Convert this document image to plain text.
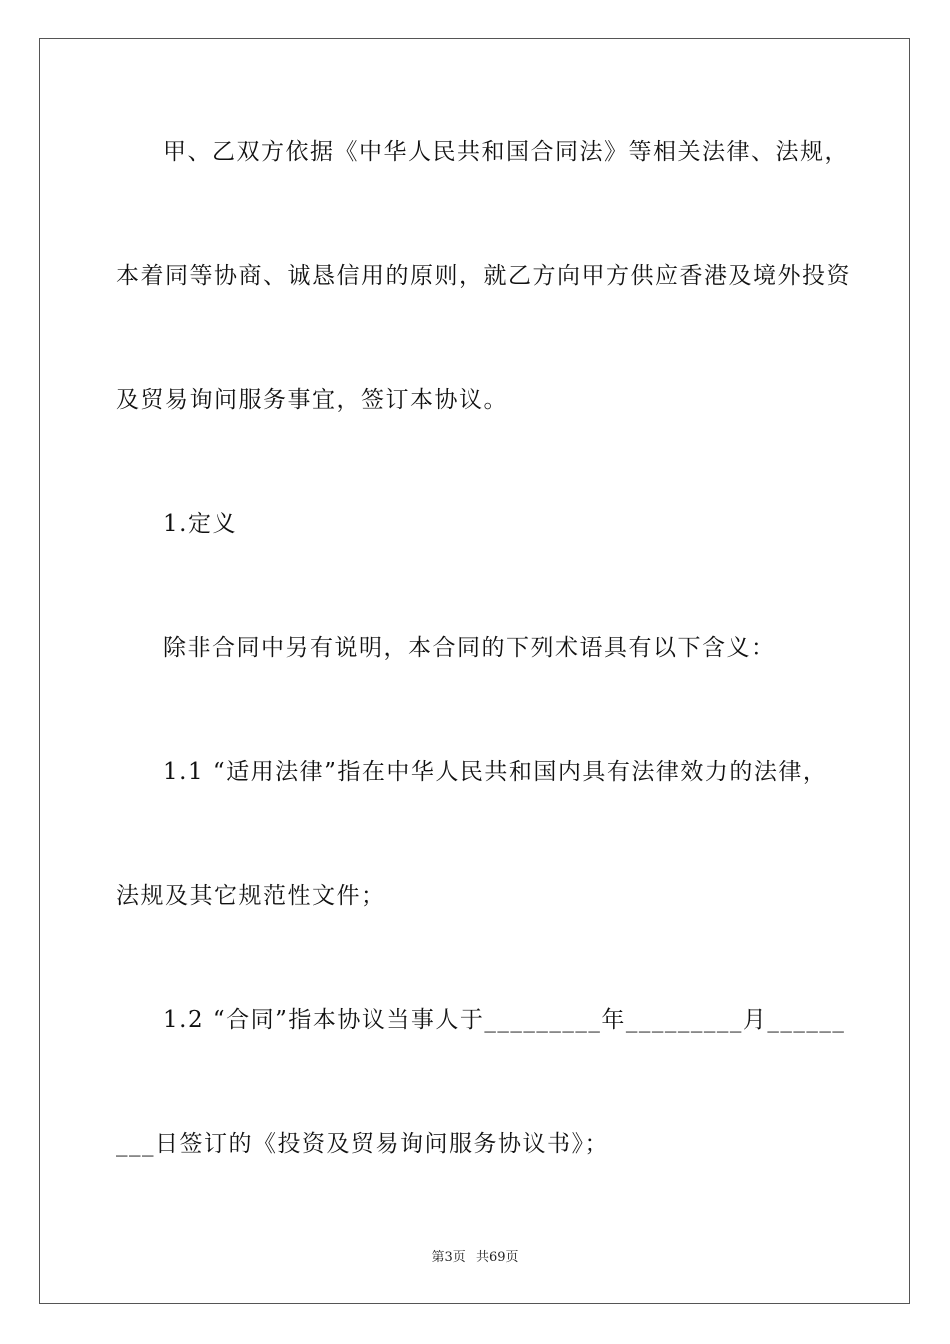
甲、乙双方依据《中华人民共和国合同法》等相关法律、法规，
本着同等协商、诚恳信用的原则，就乙方向甲方供应香港及境外投资
及贸易询问服务事宜，签订本协议。
1.定义
除非合同中另有说明，本合同的下列术语具有以下含义：
1.1 “适用法律”指在中华人民共和国内具有法律效力的法律，
法规及其它规范性文件；
1.2 “合同”指本协议当事人于_________年_________月______
___日签订的《投资及贸易询问服务协议书》；
第3页 共69页
